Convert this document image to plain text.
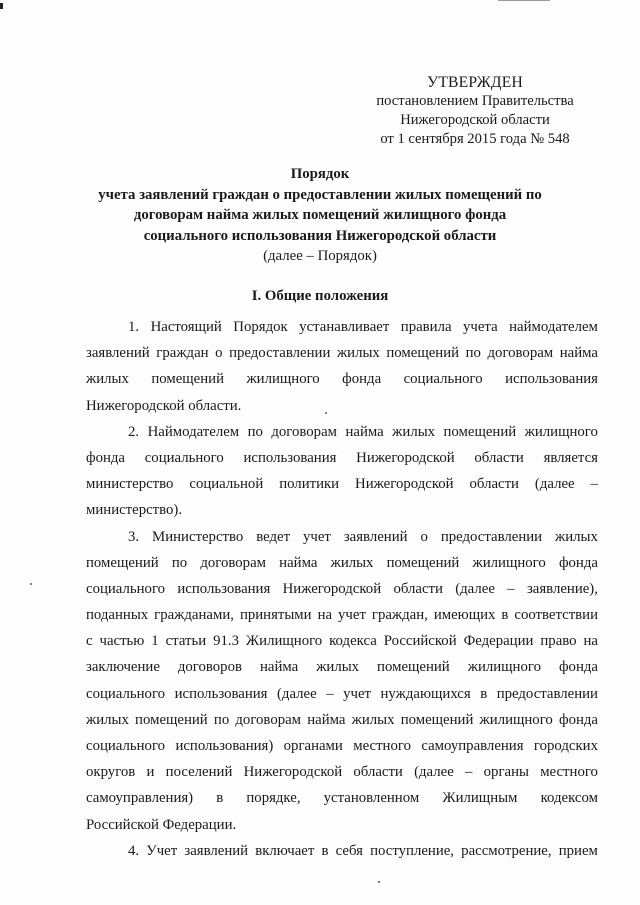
УТВЕРЖДЕН
постановлением Правительства
Нижегородской области
от 1 сентября 2015 года № 548
Порядок
учета заявлений граждан о предоставлении жилых помещений по
договорам найма жилых помещений жилищного фонда
социального использования Нижегородской области
(далее – Порядок)
I. Общие положения
1. Настоящий Порядок устанавливает правила учета наймодателем
заявлений граждан о предоставлении жилых помещений по договорам найма
жилых помещений жилищного фонда социального использования
Нижегородской области.
2. Наймодателем по договорам найма жилых помещений жилищного
фонда социального использования Нижегородской области является
министерство социальной политики Нижегородской области (далее –
министерство).
3. Министерство ведет учет заявлений о предоставлении жилых
помещений по договорам найма жилых помещений жилищного фонда
социального использования Нижегородской области (далее – заявление),
поданных гражданами, принятыми на учет граждан, имеющих в соответствии
с частью 1 статьи 91.3 Жилищного кодекса Российской Федерации право на
заключение договоров найма жилых помещений жилищного фонда
социального использования (далее – учет нуждающихся в предоставлении
жилых помещений по договорам найма жилых помещений жилищного фонда
социального использования) органами местного самоуправления городских
округов и поселений Нижегородской области (далее – органы местного
самоуправления) в порядке, установленном Жилищным кодексом
Российской Федерации.
4. Учет заявлений включает в себя поступление, рассмотрение, прием
